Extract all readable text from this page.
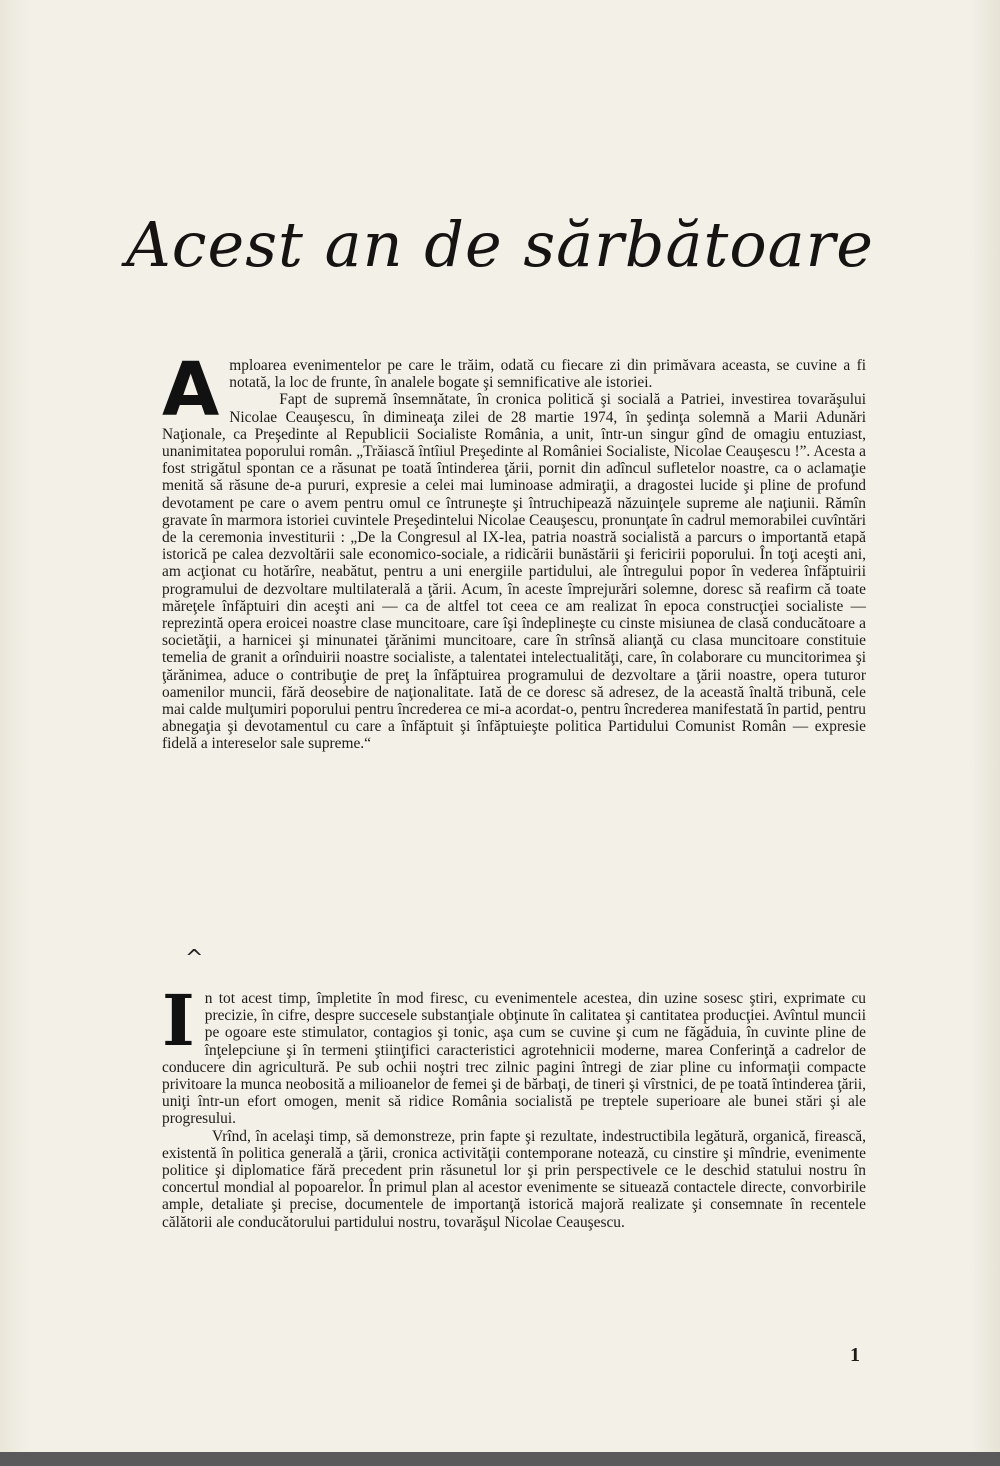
Acest an de sărbătoare
A mploarea evenimentelor pe care le trăim, odată cu fiecare zi din primăvara aceasta, se cuvine a fi notată, la loc de frunte, în analele bogate şi semnificative ale istoriei.

Fapt de supremă însemnătate, în cronica politică şi socială a Patriei, investirea tovarăşului Nicolae Ceauşescu, în dimineaţa zilei de 28 martie 1974, în şedinţa solemnă a Marii Adunări Naţionale, ca Preşedinte al Republicii Socialiste România, a unit, într-un singur gînd de omagiu entuziast, unanimitatea poporului român. „Trăiască întîiul Preşedinte al României Socialiste, Nicolae Ceauşescu !”. Acesta a fost strigătul spontan ce a răsunat pe toată întinderea ţării, pornit din adîncul sufletelor noastre, ca o aclamaţie menită să răsune de-a pururi, expresie a celei mai luminoase admiraţii, a dragostei lucide şi pline de profund devotament pe care o avem pentru omul ce întruneşte şi întruchipează năzuinţele supreme ale naţiunii. Rămîn gravate în marmora istoriei cuvintele Preşedintelui Nicolae Ceauşescu, pronunţate în cadrul memorabilei cuvîntări de la ceremonia investiturii : „De la Congresul al IX-lea, patria noastră socialistă a parcurs o importantă etapă istorică pe calea dezvoltării sale economico-sociale, a ridicării bunăstării şi fericirii poporului. În toţi aceşti ani, am acţionat cu hotărîre, neabătut, pentru a uni energiile partidului, ale întregului popor în vederea înfăptuirii programului de dezvoltare multilaterală a ţării. Acum, în aceste împrejurări solemne, doresc să reafirm că toate măreţele înfăptuiri din aceşti ani — ca de altfel tot ceea ce am realizat în epoca construcţiei socialiste — reprezintă opera eroicei noastre clase muncitoare, care îşi îndeplineşte cu cinste misiunea de clasă conducătoare a societăţii, a harnicei şi minunatei ţărănimi muncitoare, care în strînsă alianţă cu clasa muncitoare constituie temelia de granit a orînduirii noastre socialiste, a talentatei intelectualităţi, care, în colaborare cu muncitorimea şi ţărănimea, aduce o contribuţie de preţ la înfăptuirea programului de dezvoltare a ţării noastre, opera tuturor oamenilor muncii, fără deosebire de naţionalitate. Iată de ce doresc să adresez, de la această înaltă tribună, cele mai calde mulţumiri poporului pentru încrederea ce mi-a acordat-o, pentru încrederea manifestată în partid, pentru abnegaţia şi devotamentul cu care a înfăptuit şi înfăptuieşte politica Partidului Comunist Român — expresie fidelă a intereselor sale supreme.“

^
I n tot acest timp, împletite în mod firesc, cu evenimentele acestea, din uzine sosesc ştiri, exprimate cu precizie, în cifre, despre succesele substanţiale obţinute în calitatea şi cantitatea producţiei. Avîntul muncii pe ogoare este stimulator, contagios şi tonic, aşa cum se cuvine şi cum ne făgăduia, în cuvinte pline de înţelepciune şi în termeni ştiinţifici caracteristici agrotehnicii moderne, marea Conferinţă a cadrelor de conducere din agricultură. Pe sub ochii noştri trec zilnic pagini întregi de ziar pline cu informaţii compacte privitoare la munca neobosită a milioanelor de femei şi de bărbaţi, de tineri şi vîrstnici, de pe toată întinderea ţării, uniţi într-un efort omogen, menit să ridice România socialistă pe treptele superioare ale bunei stări şi ale progresului.

Vrînd, în acelaşi timp, să demonstreze, prin fapte şi rezultate, indestructibila legătură, organică, firească, existentă în politica generală a ţării, cronica activităţii contemporane notează, cu cinstire şi mîndrie, evenimente politice şi diplomatice fără precedent prin răsunetul lor şi prin perspectivele ce le deschid statului nostru în concertul mondial al popoarelor. În primul plan al acestor evenimente se situează contactele directe, convorbirile ample, detaliate şi precise, documentele de importanţă istorică majoră realizate şi consemnate în recentele călătorii ale conducătorului partidului nostru, tovarăşul Nicolae Ceauşescu.

1
